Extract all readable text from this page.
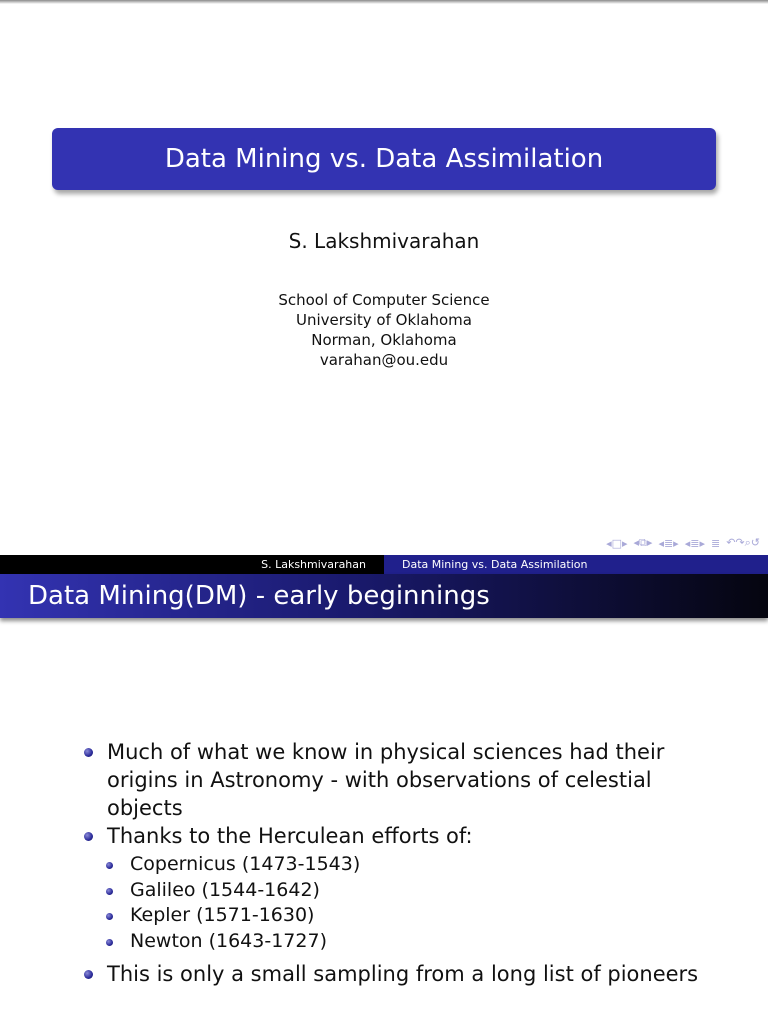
Data Mining vs. Data Assimilation
S. Lakshmivarahan
School of Computer Science
University of Oklahoma
Norman, Oklahoma
varahan@ou.edu
◂□▸ ◂⧉▸ ◂≣▸ ◂≣▸ ≣ ↶↷⌕↺
S. Lakshmivarahan	Data Mining vs. Data Assimilation
Data Mining(DM) - early beginnings
Much of what we know in physical sciences had their origins in Astronomy - with observations of celestial objects
Thanks to the Herculean efforts of:
Copernicus (1473-1543)
Galileo (1544-1642)
Kepler (1571-1630)
Newton (1643-1727)
This is only a small sampling from a long list of pioneers
